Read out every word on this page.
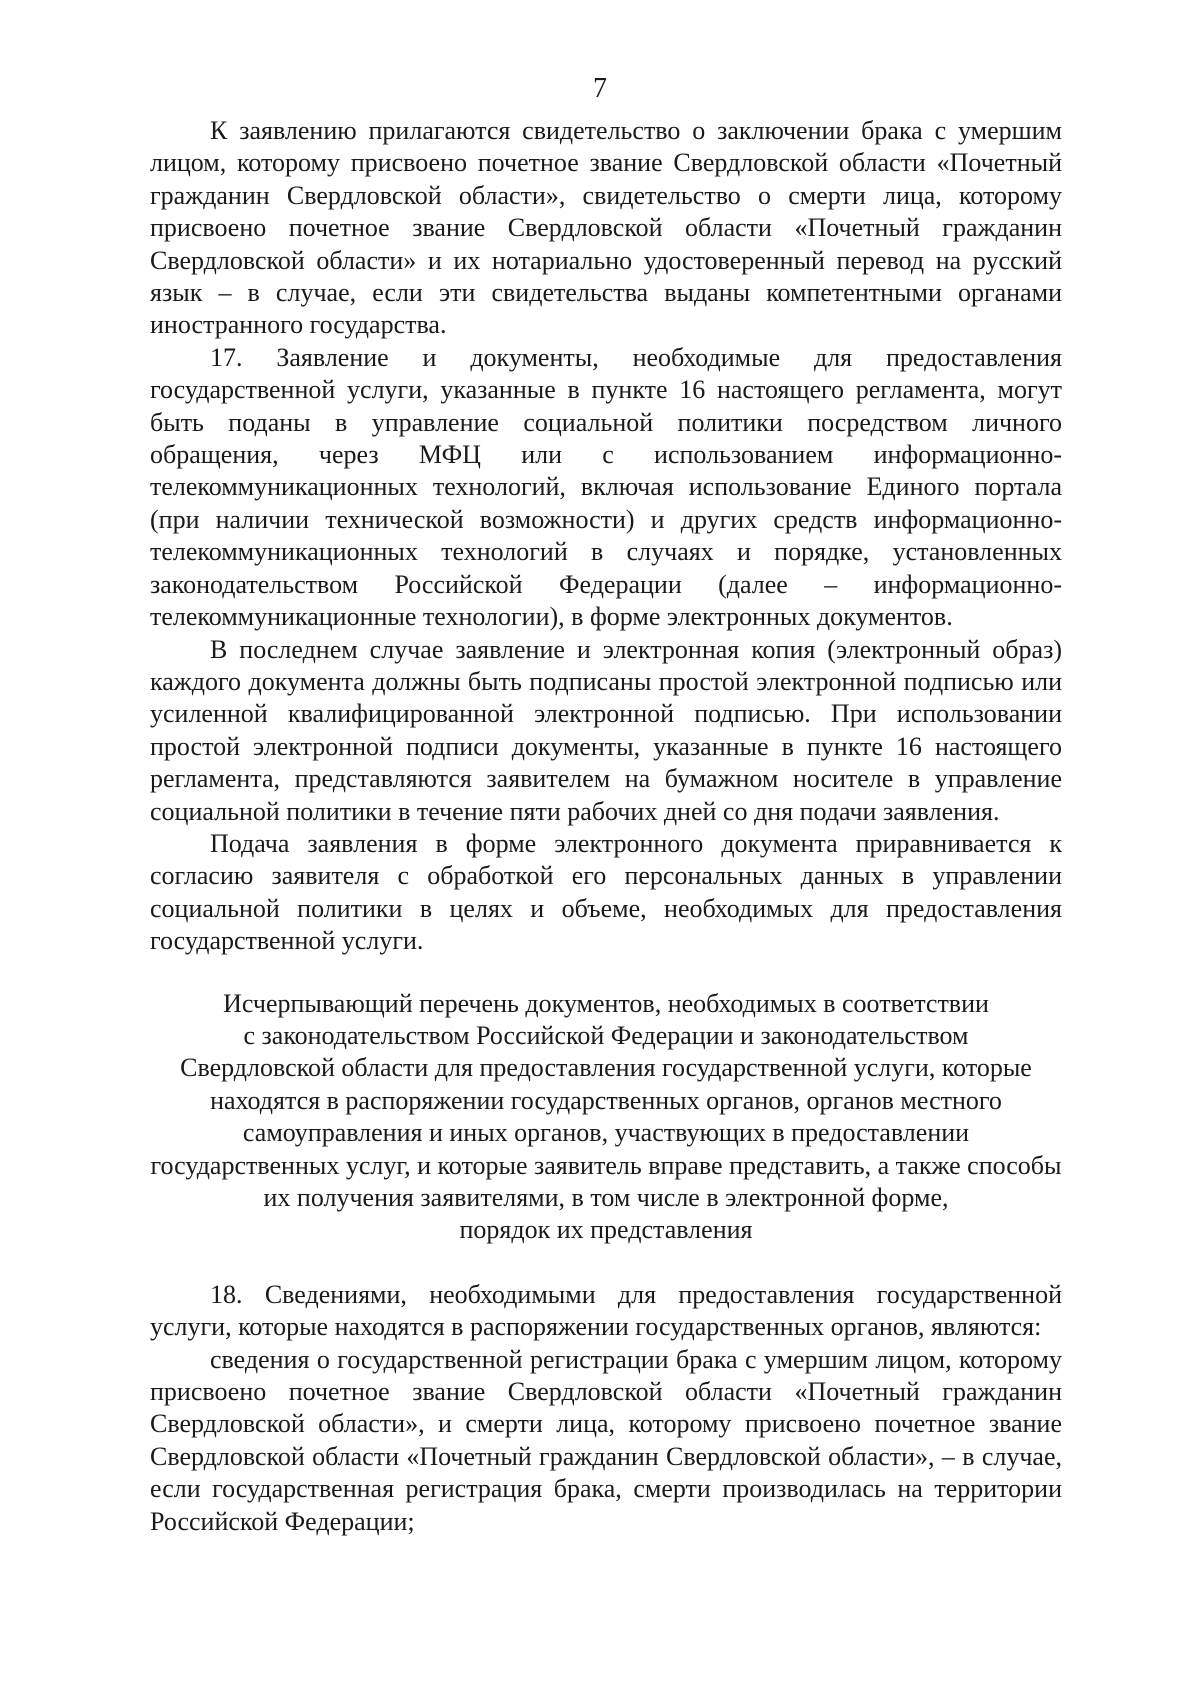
7

К заявлению прилагаются свидетельство о заключении брака с умершим лицом, которому присвоено почетное звание Свердловской области «Почетный гражданин Свердловской области», свидетельство о смерти лица, которому присвоено почетное звание Свердловской области «Почетный гражданин Свердловской области» и их нотариально удостоверенный перевод на русский язык – в случае, если эти свидетельства выданы компетентными органами иностранного государства.

17. Заявление и документы, необходимые для предоставления государственной услуги, указанные в пункте 16 настоящего регламента, могут быть поданы в управление социальной политики посредством личного обращения, через МФЦ или с использованием информационно-телекоммуникационных технологий, включая использование Единого портала (при наличии технической возможности) и других средств информационно-телекоммуникационных технологий в случаях и порядке, установленных законодательством Российской Федерации (далее – информационно-телекоммуникационные технологии), в форме электронных документов.

В последнем случае заявление и электронная копия (электронный образ) каждого документа должны быть подписаны простой электронной подписью или усиленной квалифицированной электронной подписью. При использовании простой электронной подписи документы, указанные в пункте 16 настоящего регламента, представляются заявителем на бумажном носителе в управление социальной политики в течение пяти рабочих дней со дня подачи заявления.

Подача заявления в форме электронного документа приравнивается к согласию заявителя с обработкой его персональных данных в управлении социальной политики в целях и объеме, необходимых для предоставления государственной услуги.

Исчерпывающий перечень документов, необходимых в соответствии
с законодательством Российской Федерации и законодательством
Свердловской области для предоставления государственной услуги, которые
находятся в распоряжении государственных органов, органов местного
самоуправления и иных органов, участвующих в предоставлении
государственных услуг, и которые заявитель вправе представить, а также способы
их получения заявителями, в том числе в электронной форме,
порядок их представления

18. Сведениями, необходимыми для предоставления государственной услуги, которые находятся в распоряжении государственных органов, являются:

сведения о государственной регистрации брака с умершим лицом, которому присвоено почетное звание Свердловской области «Почетный гражданин Свердловской области», и смерти лица, которому присвоено почетное звание Свердловской области «Почетный гражданин Свердловской области», – в случае, если государственная регистрация брака, смерти производилась на территории Российской Федерации;
